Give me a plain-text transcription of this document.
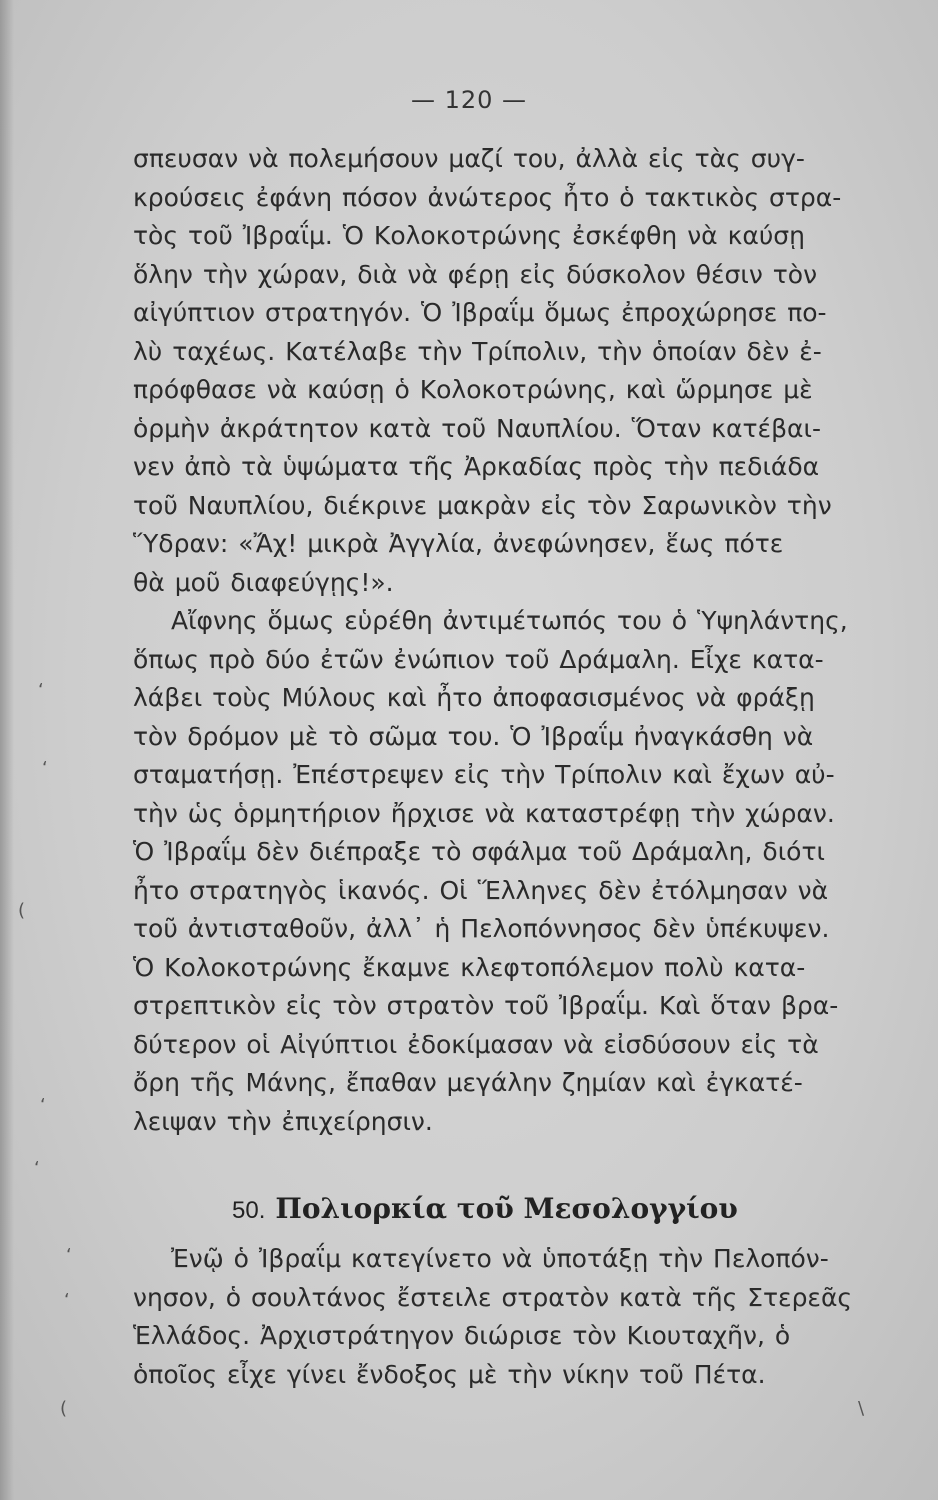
— 120 —
σπευσαν νὰ πολεμήσουν μαζί του, ἀλλὰ εἰς τὰς συγ-
κρούσεις ἐφάνη πόσον ἀνώτερος ἦτο ὁ τακτικὸς στρα-
τὸς τοῦ Ἰβραΐμ. Ὁ Κολοκοτρώνης ἐσκέφθη νὰ καύσῃ
ὅλην τὴν χώραν, διὰ νὰ φέρῃ εἰς δύσκολον θέσιν τὸν
αἰγύπτιον στρατηγόν. Ὁ Ἰβραΐμ ὅμως ἐπροχώρησε πο-
λὺ ταχέως. Κατέλαβε τὴν Τρίπολιν, τὴν ὁποίαν δὲν ἐ-
πρόφθασε νὰ καύσῃ ὁ Κολοκοτρώνης, καὶ ὥρμησε μὲ
ὁρμὴν ἀκράτητον κατὰ τοῦ Ναυπλίου. Ὅταν κατέβαι-
νεν ἀπὸ τὰ ὑψώματα τῆς Ἀρκαδίας πρὸς τὴν πεδιάδα
τοῦ Ναυπλίου, διέκρινε μακρὰν εἰς τὸν Σαρωνικὸν τὴν
Ὕδραν: «Ἄχ! μικρὰ Ἀγγλία, ἀνεφώνησεν, ἕως πότε
θὰ μοῦ διαφεύγῃς!».
Αἴφνης ὅμως εὑρέθη ἀντιμέτωπός του ὁ Ὑψηλάντης,
ὅπως πρὸ δύο ἐτῶν ἐνώπιον τοῦ Δράμαλη. Εἶχε κατα-
λάβει τοὺς Μύλους καὶ ἦτο ἀποφασισμένος νὰ φράξῃ
τὸν δρόμον μὲ τὸ σῶμα του. Ὁ Ἰβραΐμ ἠναγκάσθη νὰ
σταματήσῃ. Ἐπέστρεψεν εἰς τὴν Τρίπολιν καὶ ἔχων αὐ-
τὴν ὡς ὁρμητήριον ἤρχισε νὰ καταστρέφῃ τὴν χώραν.
Ὁ Ἰβραΐμ δὲν διέπραξε τὸ σφάλμα τοῦ Δράμαλη, διότι
ἦτο στρατηγὸς ἱκανός. Οἱ Ἕλληνες δὲν ἐτόλμησαν νὰ
τοῦ ἀντισταθοῦν, ἀλλ᾽ ἡ Πελοπόννησος δὲν ὑπέκυψεν.
Ὁ Κολοκοτρώνης ἔκαμνε κλεφτοπόλεμον πολὺ κατα-
στρεπτικὸν εἰς τὸν στρατὸν τοῦ Ἰβραΐμ. Καὶ ὅταν βρα-
δύτερον οἱ Αἰγύπτιοι ἐδοκίμασαν νὰ εἰσδύσουν εἰς τὰ
ὄρη τῆς Μάνης, ἔπαθαν μεγάλην ζημίαν καὶ ἐγκατέ-
λειψαν τὴν ἐπιχείρησιν.
50. Πολιορκία τοῦ Μεσολογγίου
Ἐνῷ ὁ Ἰβραΐμ κατεγίνετο νὰ ὑποτάξῃ τὴν Πελοπόν-
νησον, ὁ σουλτάνος ἔστειλε στρατὸν κατὰ τῆς Στερεᾶς
Ἑλλάδος. Ἀρχιστράτηγον διώρισε τὸν Κιουταχῆν, ὁ
ὁποῖος εἶχε γίνει ἔνδοξος μὲ τὴν νίκην τοῦ Πέτα.
‘
‘
(
‘
‘
‘
‘
(	\
